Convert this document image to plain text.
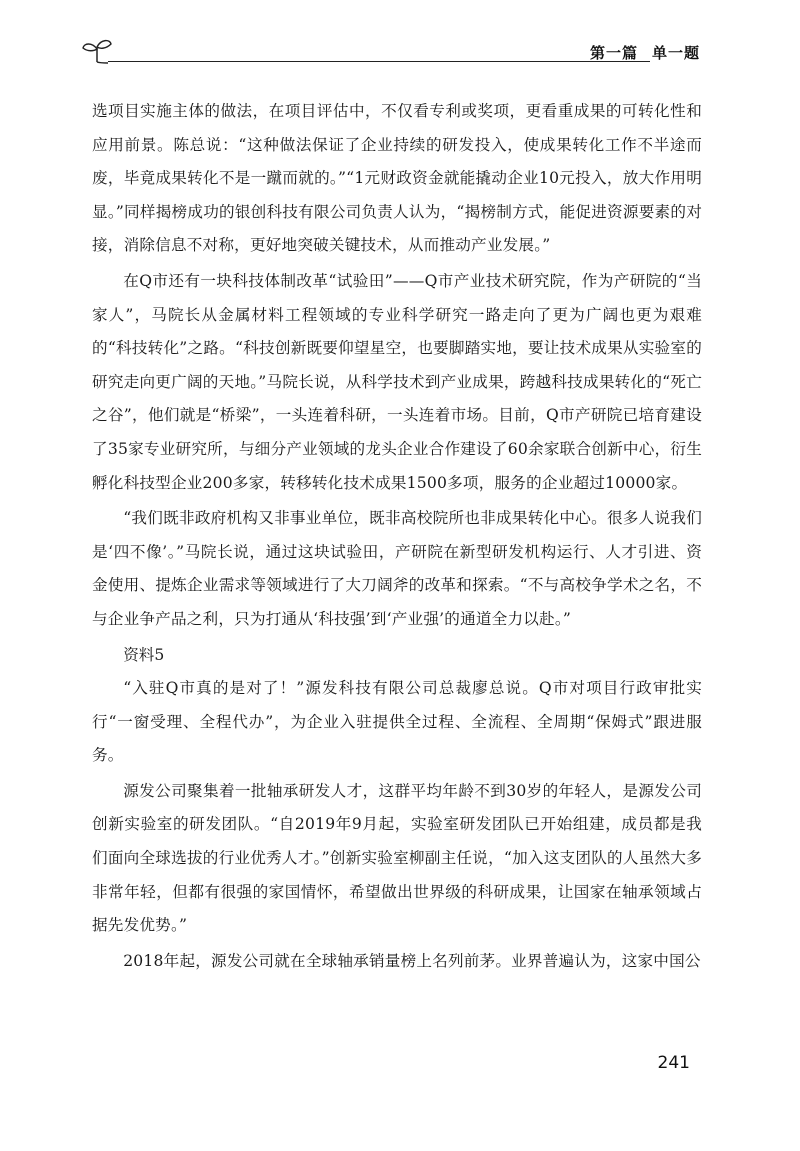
第一篇 单一题

选项目实施主体的做法，在项目评估中，不仅看专利或奖项，更看重成果的可转化性和应用前景。陈总说：“这种做法保证了企业持续的研发投入，使成果转化工作不半途而废，毕竟成果转化不是一蹴而就的。”“1元财政资金就能撬动企业10元投入，放大作用明显。”同样揭榜成功的银创科技有限公司负责人认为，“揭榜制方式，能促进资源要素的对接，消除信息不对称，更好地突破关键技术，从而推动产业发展。”

在Q市还有一块科技体制改革“试验田”——Q市产业技术研究院，作为产研院的“当家人”，马院长从金属材料工程领域的专业科学研究一路走向了更为广阔也更为艰难的“科技转化”之路。“科技创新既要仰望星空，也要脚踏实地，要让技术成果从实验室的研究走向更广阔的天地。”马院长说，从科学技术到产业成果，跨越科技成果转化的“死亡之谷”，他们就是“桥梁”，一头连着科研，一头连着市场。目前，Q市产研院已培育建设了35家专业研究所，与细分产业领域的龙头企业合作建设了60余家联合创新中心，衍生孵化科技型企业200多家，转移转化技术成果1500多项，服务的企业超过10000家。

“我们既非政府机构又非事业单位，既非高校院所也非成果转化中心。很多人说我们是‘四不像’。”马院长说，通过这块试验田，产研院在新型研发机构运行、人才引进、资金使用、提炼企业需求等领域进行了大刀阔斧的改革和探索。“不与高校争学术之名，不与企业争产品之利，只为打通从‘科技强’到‘产业强’的通道全力以赴。”

资料5

“入驻Q市真的是对了！”源发科技有限公司总裁廖总说。Q市对项目行政审批实行“一窗受理、全程代办”，为企业入驻提供全过程、全流程、全周期“保姆式”跟进服务。

源发公司聚集着一批轴承研发人才，这群平均年龄不到30岁的年轻人，是源发公司创新实验室的研发团队。“自2019年9月起，实验室研发团队已开始组建，成员都是我们面向全球选拔的行业优秀人才。”创新实验室柳副主任说，“加入这支团队的人虽然大多非常年轻，但都有很强的家国情怀，希望做出世界级的科研成果，让国家在轴承领域占据先发优势。”

2018年起，源发公司就在全球轴承销量榜上名列前茅。业界普遍认为，这家中国公

241
